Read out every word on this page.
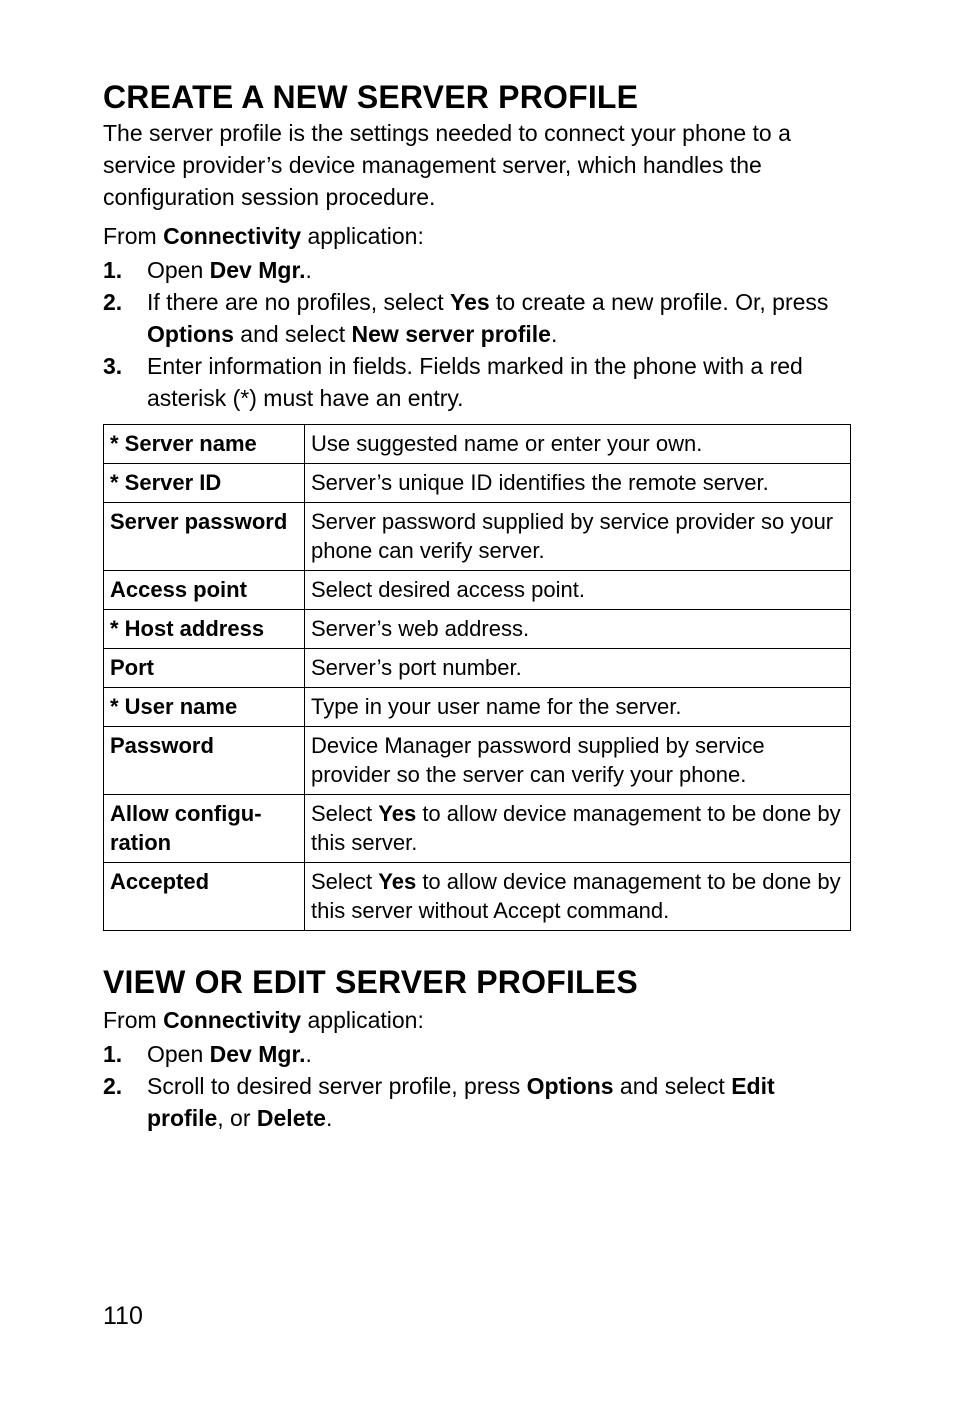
CREATE A NEW SERVER PROFILE

The server profile is the settings needed to connect your phone to a service provider’s device management server, which handles the configuration session procedure.

From Connectivity application:

1. Open Dev Mgr..
2. If there are no profiles, select Yes to create a new profile. Or, press Options and select New server profile.
3. Enter information in fields. Fields marked in the phone with a red asterisk (*) must have an entry.
* Server name	Use suggested name or enter your own.
* Server ID	Server’s unique ID identifies the remote server.
Server password	Server password supplied by service provider so your phone can verify server.
Access point	Select desired access point.
* Host address	Server’s web address.
Port	Server’s port number.
* User name	Type in your user name for the server.
Password	Device Manager password supplied by service provider so the server can verify your phone.
Allow configu-ration	Select Yes to allow device management to be done by this server.
Accepted	Select Yes to allow device management to be done by this server without Accept command.
VIEW OR EDIT SERVER PROFILES

From Connectivity application:

1. Open Dev Mgr..
2. Scroll to desired server profile, press Options and select Edit profile, or Delete.
110
